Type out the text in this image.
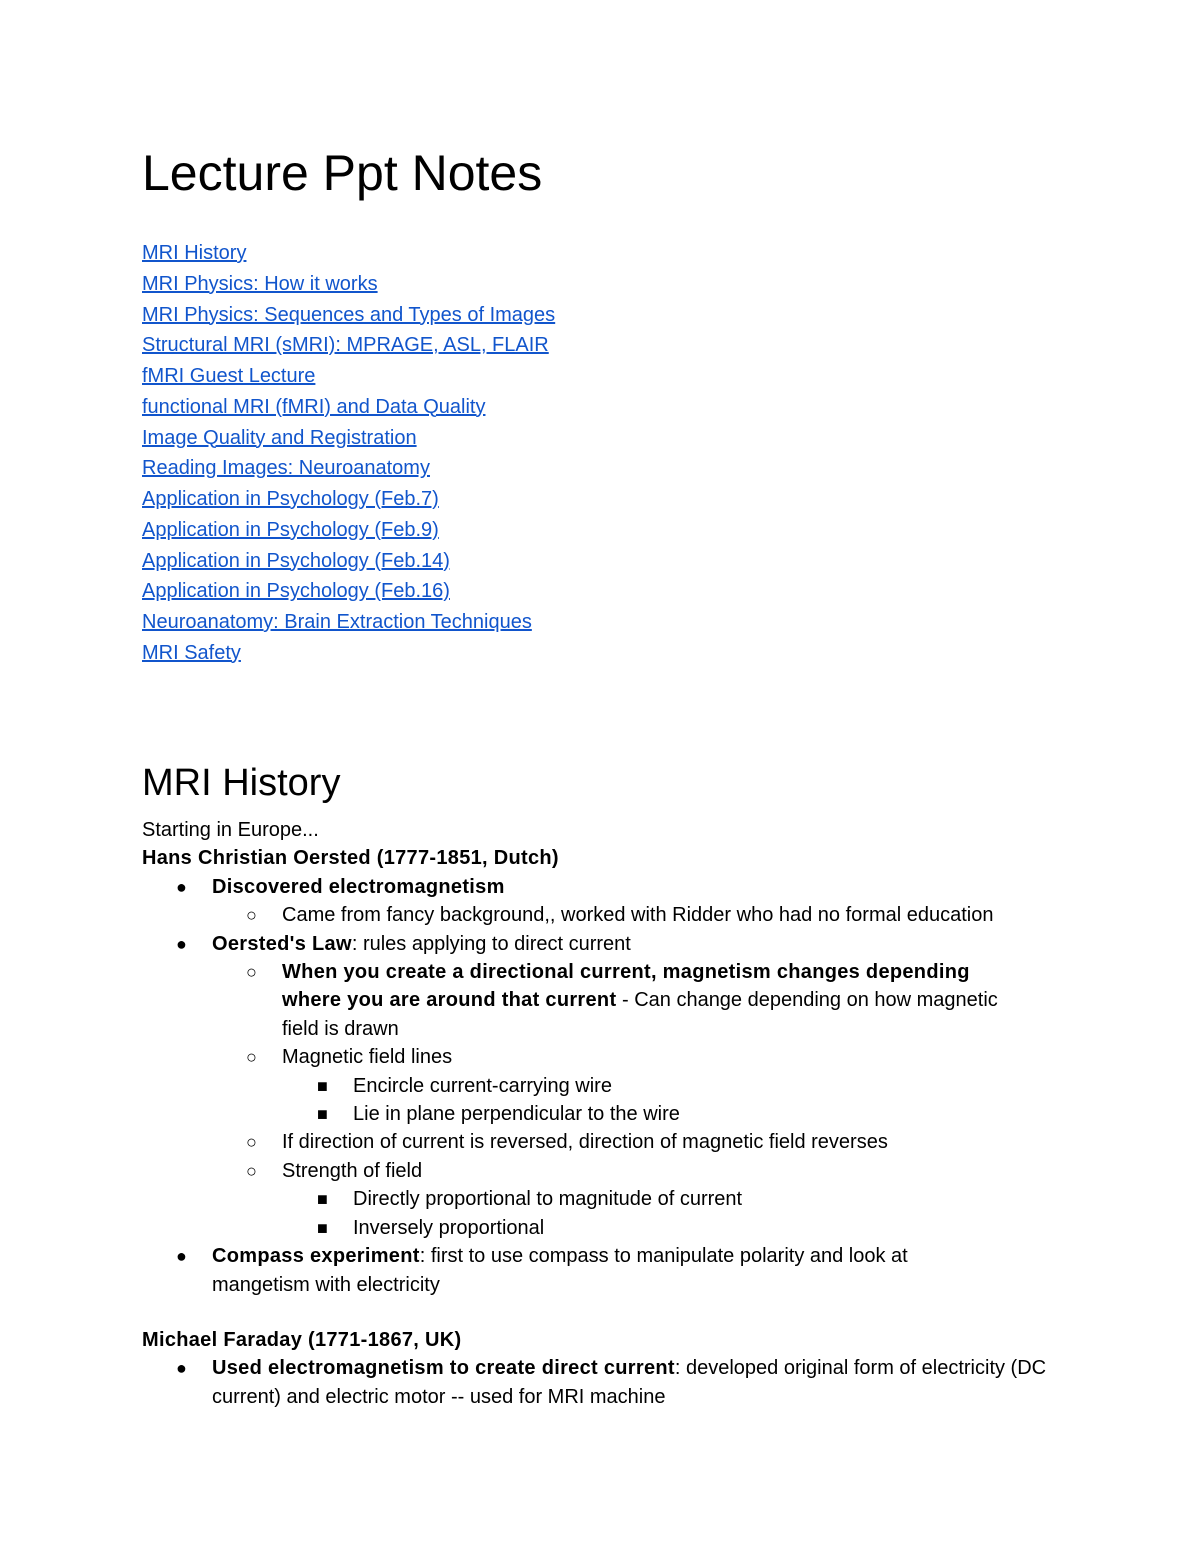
Lecture Ppt Notes
MRI History
MRI Physics: How it works
MRI Physics: Sequences and Types of Images
Structural MRI (sMRI): MPRAGE, ASL, FLAIR
fMRI Guest Lecture
functional MRI (fMRI) and Data Quality
Image Quality and Registration
Reading Images: Neuroanatomy
Application in Psychology (Feb.7)
Application in Psychology (Feb.9)
Application in Psychology (Feb.14)
Application in Psychology (Feb.16)
Neuroanatomy: Brain Extraction Techniques
MRI Safety
MRI History
Starting in Europe...
Hans Christian Oersted (1777-1851, Dutch)
● Discovered electromagnetism
○ Came from fancy background,, worked with Ridder who had no formal education
● Oersted's Law: rules applying to direct current
○ When you create a directional current, magnetism changes depending where you are around that current - Can change depending on how magnetic field is drawn
○ Magnetic field lines
■ Encircle current-carrying wire
■ Lie in plane perpendicular to the wire
○ If direction of current is reversed, direction of magnetic field reverses
○ Strength of field
■ Directly proportional to magnitude of current
■ Inversely proportional
● Compass experiment: first to use compass to manipulate polarity and look at mangetism with electricity
Michael Faraday (1771-1867, UK)
● Used electromagnetism to create direct current: developed original form of electricity (DC current) and electric motor -- used for MRI machine
